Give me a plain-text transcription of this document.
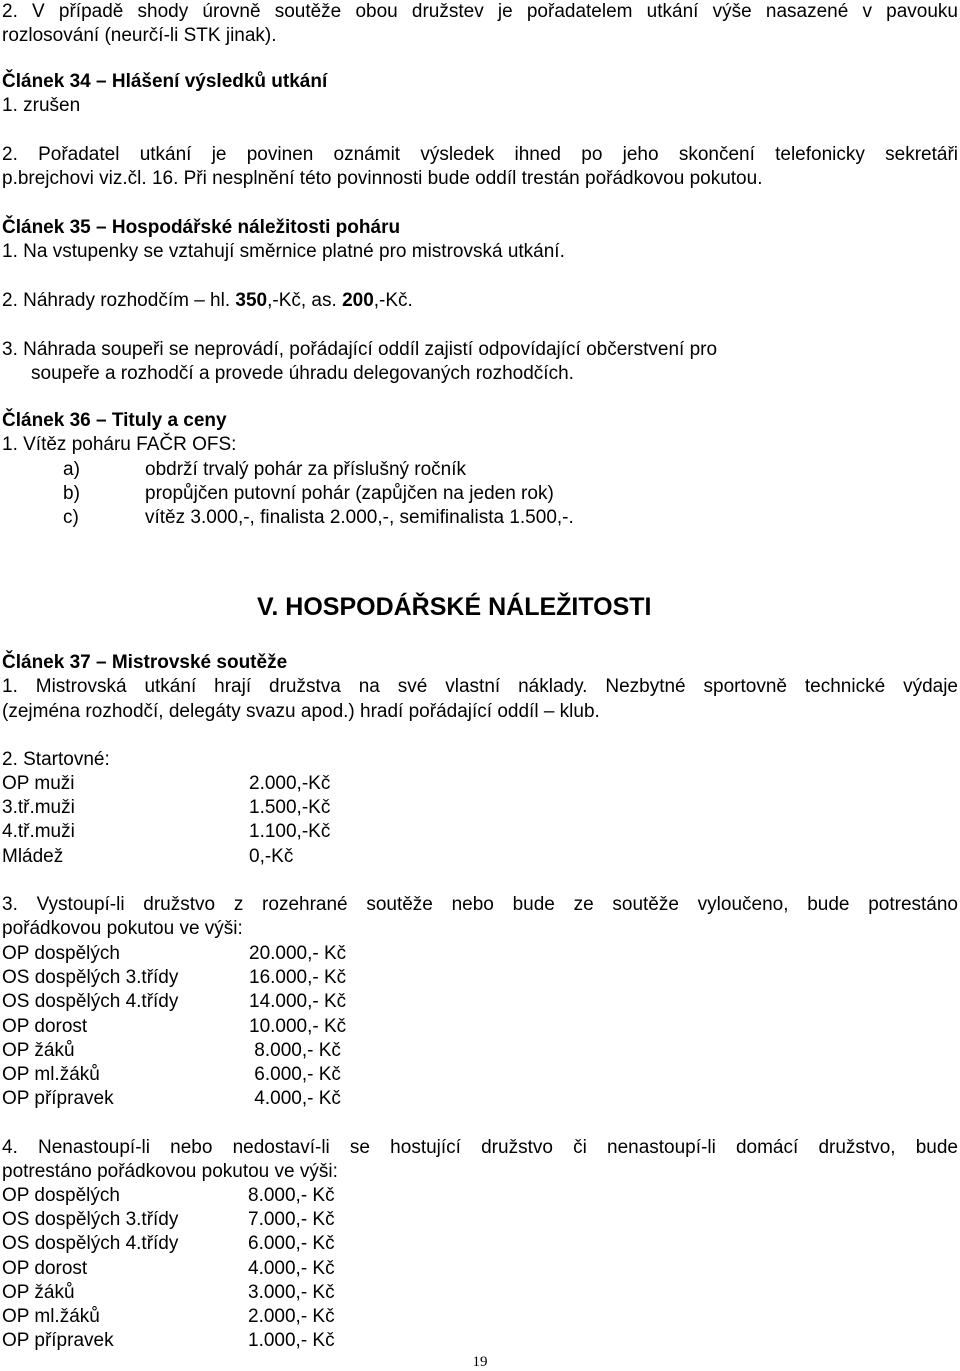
2. V případě shody úrovně soutěže obou družstev je pořadatelem utkání výše nasazené v pavouku
rozlosování (neurčí-li STK jinak).
Článek 34 – Hlášení výsledků utkání
1. zrušen
2. Pořadatel utkání je povinen oznámit výsledek ihned po jeho skončení telefonicky sekretáři
p.brejchovi viz.čl. 16. Při nesplnění této povinnosti bude oddíl trestán pořádkovou pokutou.
Článek 35 – Hospodářské náležitosti poháru
1. Na vstupenky se vztahují směrnice platné pro mistrovská utkání.
2. Náhrady rozhodčím – hl. 350,-Kč, as. 200,-Kč.
3. Náhrada soupeři se neprovádí, pořádající oddíl zajistí odpovídající občerstvení pro
soupeře a rozhodčí a provede úhradu delegovaných rozhodčích.
Článek 36 – Tituly a ceny
1. Vítěz poháru FAČR OFS:
a)	obdrží trvalý pohár za příslušný ročník
b)	propůjčen putovní pohár (zapůjčen na jeden rok)
c)	vítěz 3.000,-, finalista 2.000,-, semifinalista 1.500,-.
V. HOSPODÁŘSKÉ NÁLEŽITOSTI
Článek 37 – Mistrovské soutěže
1. Mistrovská utkání hrají družstva na své vlastní náklady. Nezbytné sportovně technické výdaje
(zejména rozhodčí, delegáty svazu apod.) hradí pořádající oddíl – klub.
2. Startovné:
OP muži	2.000,-Kč
3.tř.muži	1.500,-Kč
4.tř.muži	1.100,-Kč
Mládež	0,-Kč
3. Vystoupí-li družstvo z rozehrané soutěže nebo bude ze soutěže vyloučeno, bude potrestáno
pořádkovou pokutou ve výši:
OP dospělých	20.000,- Kč
OS dospělých 3.třídy	16.000,- Kč
OS dospělých 4.třídy	14.000,- Kč
OP dorost	10.000,- Kč
OP žáků	8.000,- Kč
OP ml.žáků	6.000,- Kč
OP přípravek	4.000,- Kč
4. Nenastoupí-li nebo nedostaví-li se hostující družstvo či nenastoupí-li domácí družstvo, bude
potrestáno pořádkovou pokutou ve výši:
OP dospělých	8.000,- Kč
OS dospělých 3.třídy	7.000,- Kč
OS dospělých 4.třídy	6.000,- Kč
OP dorost	4.000,- Kč
OP žáků	3.000,- Kč
OP ml.žáků	2.000,- Kč
OP přípravek	1.000,- Kč
19
